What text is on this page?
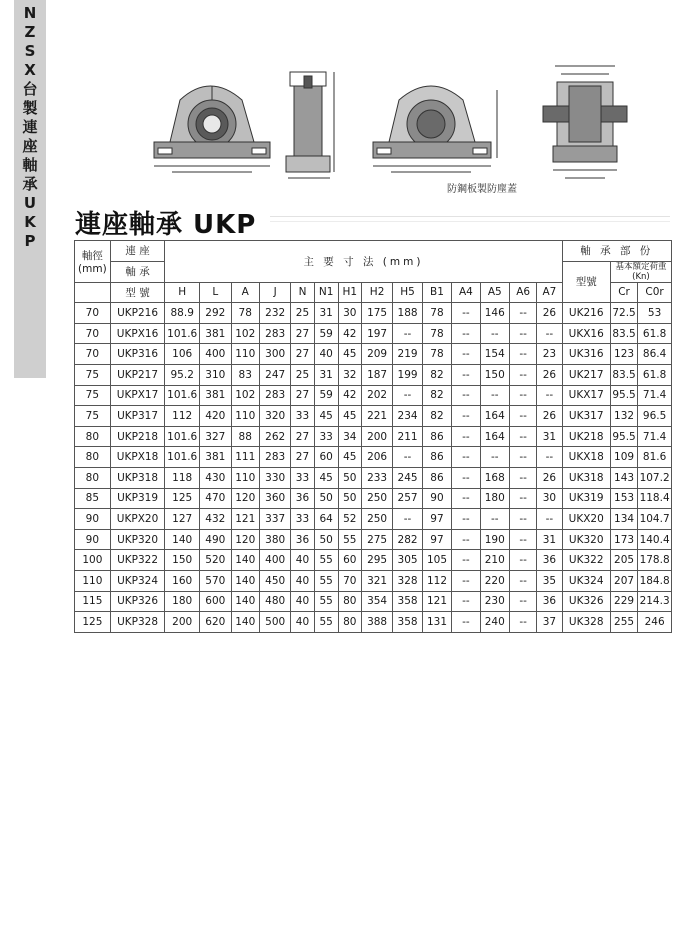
N
Z
S
X
台
製
連
座
軸
承
U
K
P
防鋼板製防塵蓋
連座軸承 UKP
軸徑
(mm)	連 座	主 要 寸 法 (mm)														軸 承 部 份		
	軸 承															型號	基本額定荷重
(Kn)	

	型 號	H	L	A	J	N	N1	H1	H2	H5	B1	A4	A5	A6	A7		Cr	C0r
70	UKP216	88.9	292	78	232	25	31	30	175	188	78	--	146	--	26	UK216	72.5	53
70	UKPX16	101.6	381	102	283	27	59	42	197	--	78	--	--	--	--	UKX16	83.5	61.8
70	UKP316	106	400	110	300	27	40	45	209	219	78	--	154	--	23	UK316	123	86.4
75	UKP217	95.2	310	83	247	25	31	32	187	199	82	--	150	--	26	UK217	83.5	61.8
75	UKPX17	101.6	381	102	283	27	59	42	202	--	82	--	--	--	--	UKX17	95.5	71.4
75	UKP317	112	420	110	320	33	45	45	221	234	82	--	164	--	26	UK317	132	96.5
80	UKP218	101.6	327	88	262	27	33	34	200	211	86	--	164	--	31	UK218	95.5	71.4
80	UKPX18	101.6	381	111	283	27	60	45	206	--	86	--	--	--	--	UKX18	109	81.6
80	UKP318	118	430	110	330	33	45	50	233	245	86	--	168	--	26	UK318	143	107.2
85	UKP319	125	470	120	360	36	50	50	250	257	90	--	180	--	30	UK319	153	118.4
90	UKPX20	127	432	121	337	33	64	52	250	--	97	--	--	--	--	UKX20	134	104.7
90	UKP320	140	490	120	380	36	50	55	275	282	97	--	190	--	31	UK320	173	140.4
100	UKP322	150	520	140	400	40	55	60	295	305	105	--	210	--	36	UK322	205	178.8
110	UKP324	160	570	140	450	40	55	70	321	328	112	--	220	--	35	UK324	207	184.8
115	UKP326	180	600	140	480	40	55	80	354	358	121	--	230	--	36	UK326	229	214.3
125	UKP328	200	620	140	500	40	55	80	388	358	131	--	240	--	37	UK328	255	246
